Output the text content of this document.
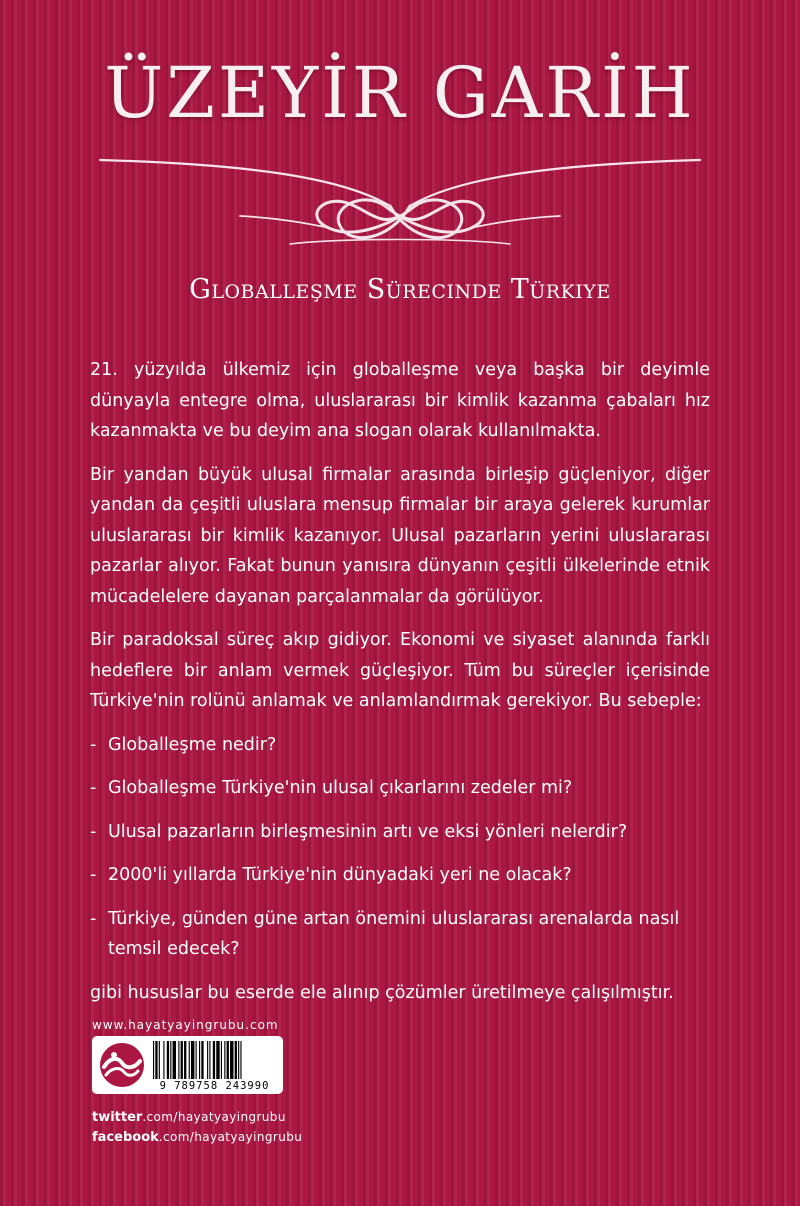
ÜZEYİR GARİH
Globalleşme Sürecinde Türkiye

21. yüzyılda ülkemiz için globalleşme veya başka bir deyimle dünyayla entegre olma, uluslararası bir kimlik kazanma çabaları hız kazanmakta ve bu deyim ana slogan olarak kullanılmakta.

Bir yandan büyük ulusal firmalar arasında birleşip güçleniyor, diğer yandan da çeşitli uluslara mensup firmalar bir araya gelerek kurumlar uluslararası bir kimlik kazanıyor. Ulusal pazarların yerini uluslararası pazarlar alıyor. Fakat bunun yanısıra dünyanın çeşitli ülkelerinde etnik mücadelelere dayanan parçalanmalar da görülüyor.

Bir paradoksal süreç akıp gidiyor. Ekonomi ve siyaset alanında farklı hedeflere bir anlam vermek güçleşiyor. Tüm bu süreçler içerisinde Türkiye'nin rolünü anlamak ve anlamlandırmak gerekiyor. Bu sebeple:

- Globalleşme nedir?
- Globalleşme Türkiye'nin ulusal çıkarlarını zedeler mi?
- Ulusal pazarların birleşmesinin artı ve eksi yönleri nelerdir?
- 2000'li yıllarda Türkiye'nin dünyadaki yeri ne olacak?
- Türkiye, günden güne artan önemini uluslararası arenalarda nasıl temsil edecek?

gibi hususlar bu eserde ele alınıp çözümler üretilmeye çalışılmıştır.

www.hayatyayingrubu.com
9 789758 243990
twitter.com/hayatyayingrubu
facebook.com/hayatyayingrubu
